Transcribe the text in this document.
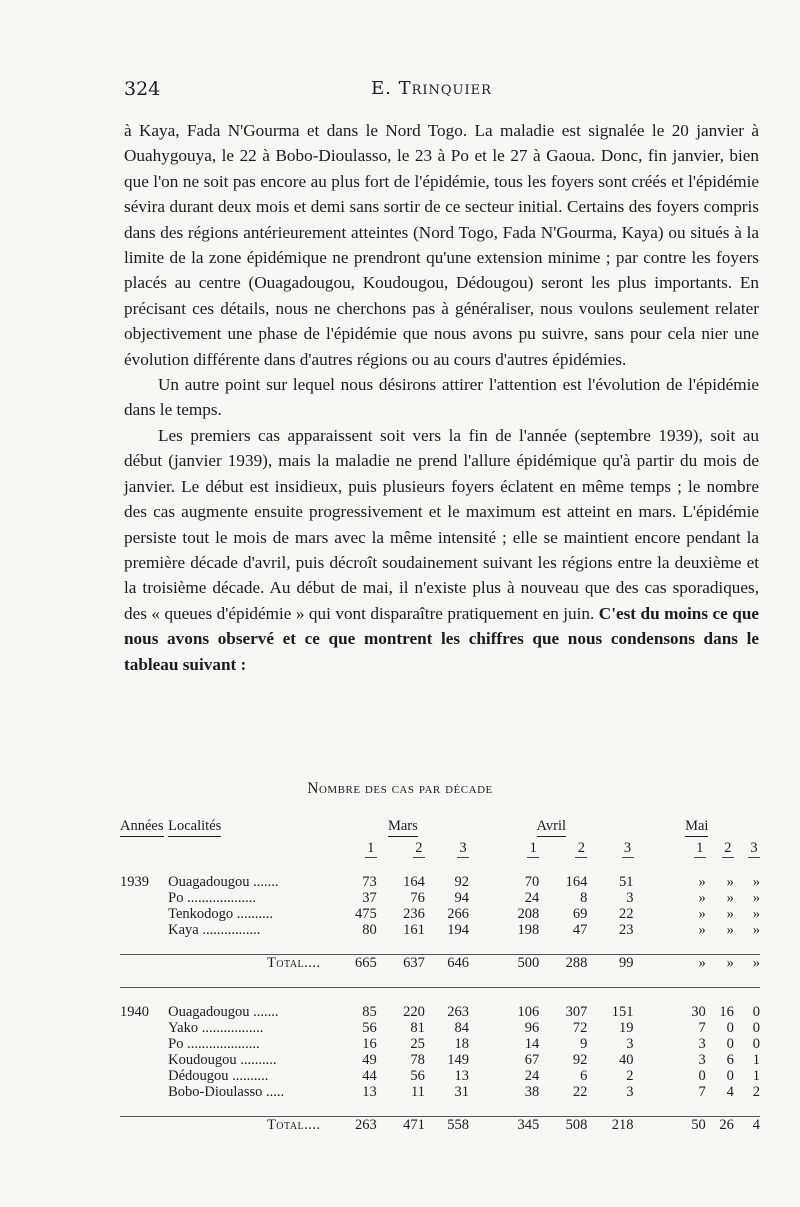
324	E. Trinquier

à Kaya, Fada N'Gourma et dans le Nord Togo. La maladie est signalée le 20 janvier à Ouahygouya, le 22 à Bobo-Dioulasso, le 23 à Po et le 27 à Gaoua. Donc, fin janvier, bien que l'on ne soit pas encore au plus fort de l'épidémie, tous les foyers sont créés et l'épidémie sévira durant deux mois et demi sans sortir de ce secteur initial. Certains des foyers compris dans des régions antérieurement atteintes (Nord Togo, Fada N'Gourma, Kaya) ou situés à la limite de la zone épidémique ne prendront qu'une extension minime ; par contre les foyers placés au centre (Ouagadougou, Koudougou, Dédougou) seront les plus importants. En précisant ces détails, nous ne cherchons pas à généraliser, nous voulons seulement relater objectivement une phase de l'épidémie que nous avons pu suivre, sans pour cela nier une évolution différente dans d'autres régions ou au cours d'autres épidémies.

Un autre point sur lequel nous désirons attirer l'attention est l'évolution de l'épidémie dans le temps.

Les premiers cas apparaissent soit vers la fin de l'année (septembre 1939), soit au début (janvier 1939), mais la maladie ne prend l'allure épidémique qu'à partir du mois de janvier. Le début est insidieux, puis plusieurs foyers éclatent en même temps ; le nombre des cas augmente ensuite progressivement et le maximum est atteint en mars. L'épidémie persiste tout le mois de mars avec la même intensité ; elle se maintient encore pendant la première décade d'avril, puis décroît soudainement suivant les régions entre la deuxième et la troisième décade. Au début de mai, il n'existe plus à nouveau que des cas sporadiques, des « queues d'épidémie » qui vont disparaître pratiquement en juin. C'est du moins ce que nous avons observé et ce que montrent les chiffres que nous condensons dans le tableau suivant :

Nombre des cas par décade
Années	Localités	Mars			Avril			Mai		
		1	2	3	1	2	3	1	2	3

1939	Ouagadougou .......	73	164	92	70	164	51	»	»	»
	Po ...................	37	76	94	24	8	3	»	»	»
	Tenkodogo ..........	475	236	266	208	69	22	»	»	»
	Kaya ................	80	161	194	198	47	23	»	»	»

Total....		665	637	646	500	288	99	»	»	»

1940	Ouagadougou .......	85	220	263	106	307	151	30	16	0
	Yako .................	56	81	84	96	72	19	7	0	0
	Po ....................	16	25	18	14	9	3	3	0	0
	Koudougou ..........	49	78	149	67	92	40	3	6	1
	Dédougou ..........	44	56	13	24	6	2	0	0	1
	Bobo-Dioulasso .....	13	11	31	38	22	3	7	4	2

Total....		263	471	558	345	508	218	50	26	4
